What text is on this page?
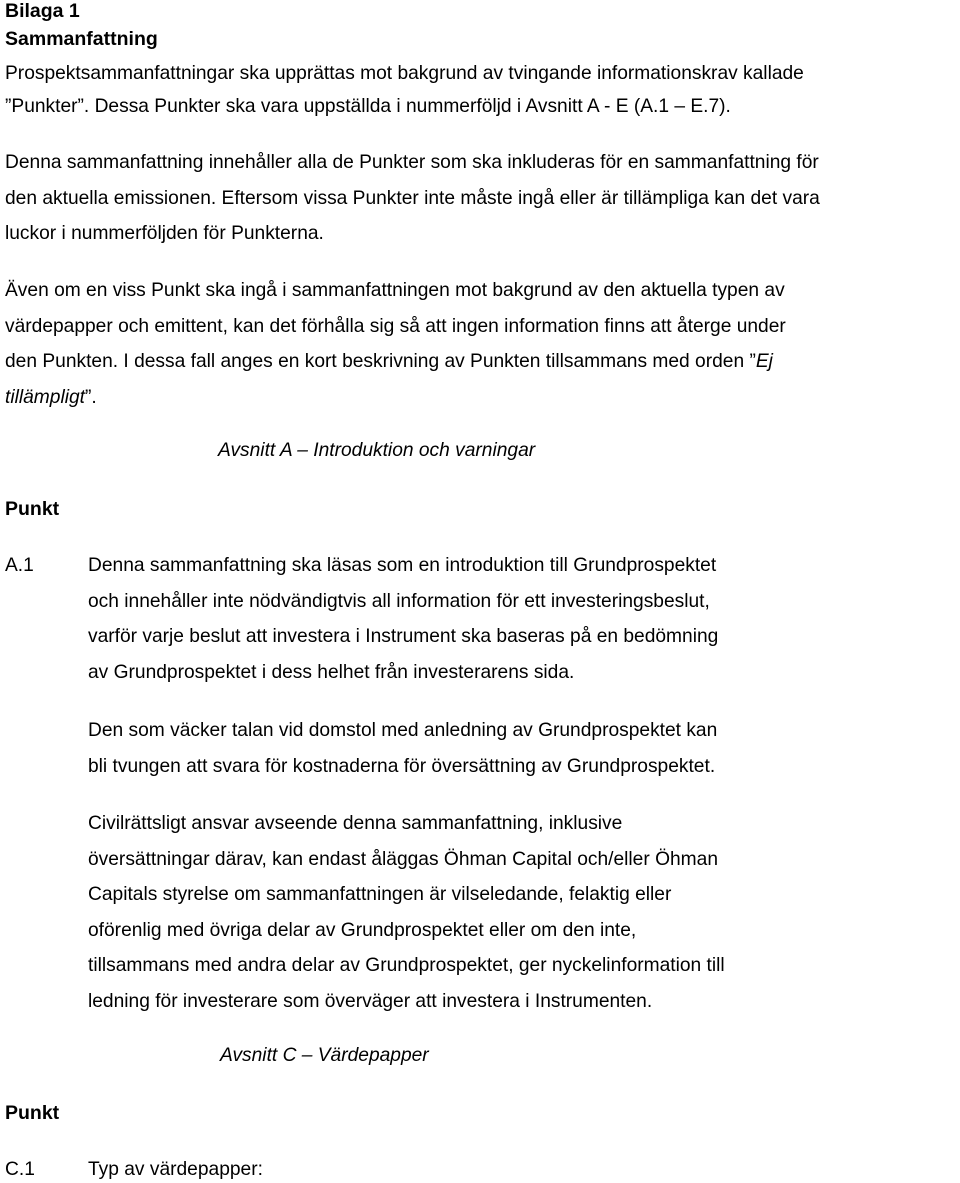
Bilaga 1
Sammanfattning
Prospektsammanfattningar ska upprättas mot bakgrund av tvingande informationskrav kallade
”Punkter”. Dessa Punkter ska vara uppställda i nummerföljd i Avsnitt A - E (A.1 – E.7).
Denna sammanfattning innehåller alla de Punkter som ska inkluderas för en sammanfattning för
den aktuella emissionen. Eftersom vissa Punkter inte måste ingå eller är tillämpliga kan det vara
luckor i nummerföljden för Punkterna.
Även om en viss Punkt ska ingå i sammanfattningen mot bakgrund av den aktuella typen av
värdepapper och emittent, kan det förhålla sig så att ingen information finns att återge under
den Punkten. I dessa fall anges en kort beskrivning av Punkten tillsammans med orden ”Ej
tillämpligt”.
Avsnitt A – Introduktion och varningar
Punkt
A.1	Denna sammanfattning ska läsas som en introduktion till Grundprospektet
och innehåller inte nödvändigtvis all information för ett investeringsbeslut,
varför varje beslut att investera i Instrument ska baseras på en bedömning
av Grundprospektet i dess helhet från investerarens sida.
Den som väcker talan vid domstol med anledning av Grundprospektet kan
bli tvungen att svara för kostnaderna för översättning av Grundprospektet.
Civilrättsligt ansvar avseende denna sammanfattning, inklusive
översättningar därav, kan endast åläggas Öhman Capital och/eller Öhman
Capitals styrelse om sammanfattningen är vilseledande, felaktig eller
oförenlig med övriga delar av Grundprospektet eller om den inte,
tillsammans med andra delar av Grundprospektet, ger nyckelinformation till
ledning för investerare som överväger att investera i Instrumenten.
Avsnitt C – Värdepapper
Punkt
C.1	Typ av värdepapper:
